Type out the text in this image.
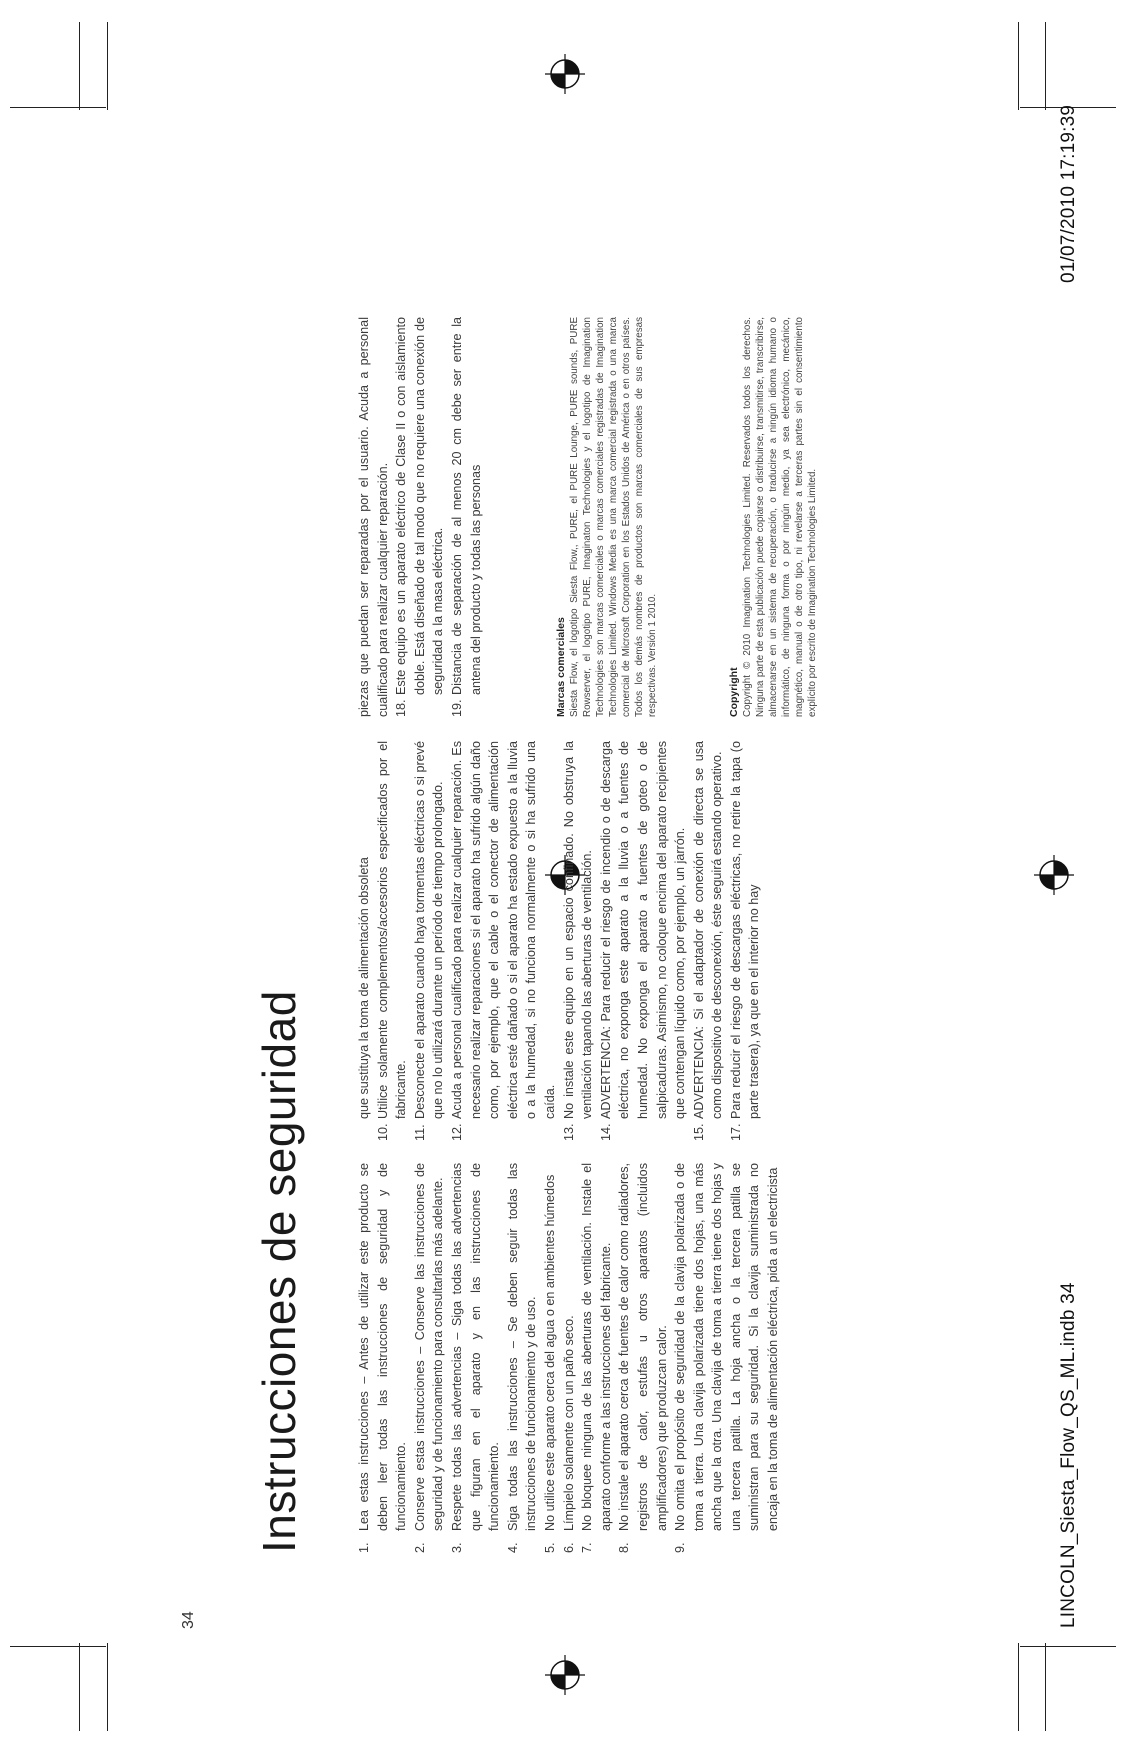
34
Instrucciones de seguridad	1.
Lea estas instrucciones – Antes de utilizar este producto se deben leer todas las instrucciones de seguridad y de funcionamiento.

2.
Conserve estas instrucciones – Conserve las instrucciones de seguridad y de funcionamiento para consultarlas más adelante.

3.
Respete todas las advertencias – Siga todas las advertencias que figuran en el aparato y en las instrucciones de funcionamiento.

4.
Siga todas las instrucciones – Se deben seguir todas las instrucciones de funcionamiento y de uso.

5.
No utilice este aparato cerca del agua o en ambientes húmedos

6.
Límpielo solamente con un paño seco.

7.
No bloquee ninguna de las aberturas de ventilación. Instale el aparato conforme a las instrucciones del fabricante.

8.
No instale el aparato cerca de fuentes de calor como radiadores, registros de calor, estufas u otros aparatos (incluidos amplificadores) que produzcan calor.

9.
No omita el propósito de seguridad de la clavija polarizada o de toma a tierra. Una clavija polarizada tiene dos hojas, una más ancha que la otra. Una clavija de toma a tierra tiene dos hojas y una tercera patilla. La hoja ancha o la tercera patilla se suministran para su seguridad. Si la clavija suministrada no encaja en la toma de alimentación eléctrica, pida a un electricista

que sustituya la toma de alimentación obsoleta

10.
Utilice solamente complementos/accesorios especificados por el fabricante.

11.
Desconecte el aparato cuando haya tormentas eléctricas o si prevé que no lo utilizará durante un período de tiempo prolongado.

12.
Acuda a personal cualificado para realizar cualquier reparación. Es necesario realizar reparaciones si el aparato ha sufrido algún daño como, por ejemplo, que el cable o el conector de alimentación eléctrica esté dañado o si el aparato ha estado expuesto a la lluvia o a la humedad, si no funciona normalmente o si ha sufrido una caída.

13.
No instale este equipo en un espacio confinado. No obstruya la ventilación tapando las aberturas de ventilación.

14.
ADVERTENCIA: Para reducir el riesgo de incendio o de descarga eléctrica, no exponga este aparato a la lluvia o a fuentes de humedad. No exponga el aparato a fuentes de goteo o de salpicaduras. Asimismo, no coloque encima del aparato recipientes que contengan líquido como, por ejemplo, un jarrón.

15.
ADVERTENCIA: Si el adaptador de conexión de directa se usa como dispositivo de desconexión, éste seguirá estando operativo.

17.
Para reducir el riesgo de descargas eléctricas, no retire la tapa (o parte trasera), ya que en el interior no hay

piezas que puedan ser reparadas por el usuario. Acuda a personal cualificado para realizar cualquier reparación. 18.
Este equipo es un aparato eléctrico de Clase II o con aislamiento doble. Está diseñado de tal modo que no requiere una conexión de seguridad a la masa eléctrica.

19.
Distancia de separación de al menos 20 cm debe ser entre la antena del producto y todas las personas	Marcas comerciales Siesta Flow, el logotipo Siesta Flow,, PURE, el PURE Lounge, PURE sounds, PURE Rowserver, el logotipo PURE, Imaginaton Technologies y el logotipo de Imagination Technologies son marcas comerciales o marcas comerciales registradas de Imagination Technologies Limited. Windows Media es una marca comercial registrada o una marca comercial de Microsoft Corporation en los Estados Unidos de América o en otros países. Todos los demás nombres de productos son marcas comerciales de sus empresas respectivas. Versión 1 2010.	Copyright Copyright © 2010 Imagination Technologies Limited. Reservados todos los derechos. Ninguna parte de esta publicación puede copiarse o distribuirse, transmitirse, transcribirse, almacenarse en un sistema de recuperación, o traducirse a ningún idioma humano o informático, de ninguna forma o por ningún medio, ya sea electrónico, mecánico, magnético, manual o de otro tipo, ni revelarse a terceras partes sin el consentimiento explícito por escrito de Imagination Technologies Limited.

LINCOLN_Siesta_Flow_QS_ML.indb 34
01/07/2010 17:19:39
